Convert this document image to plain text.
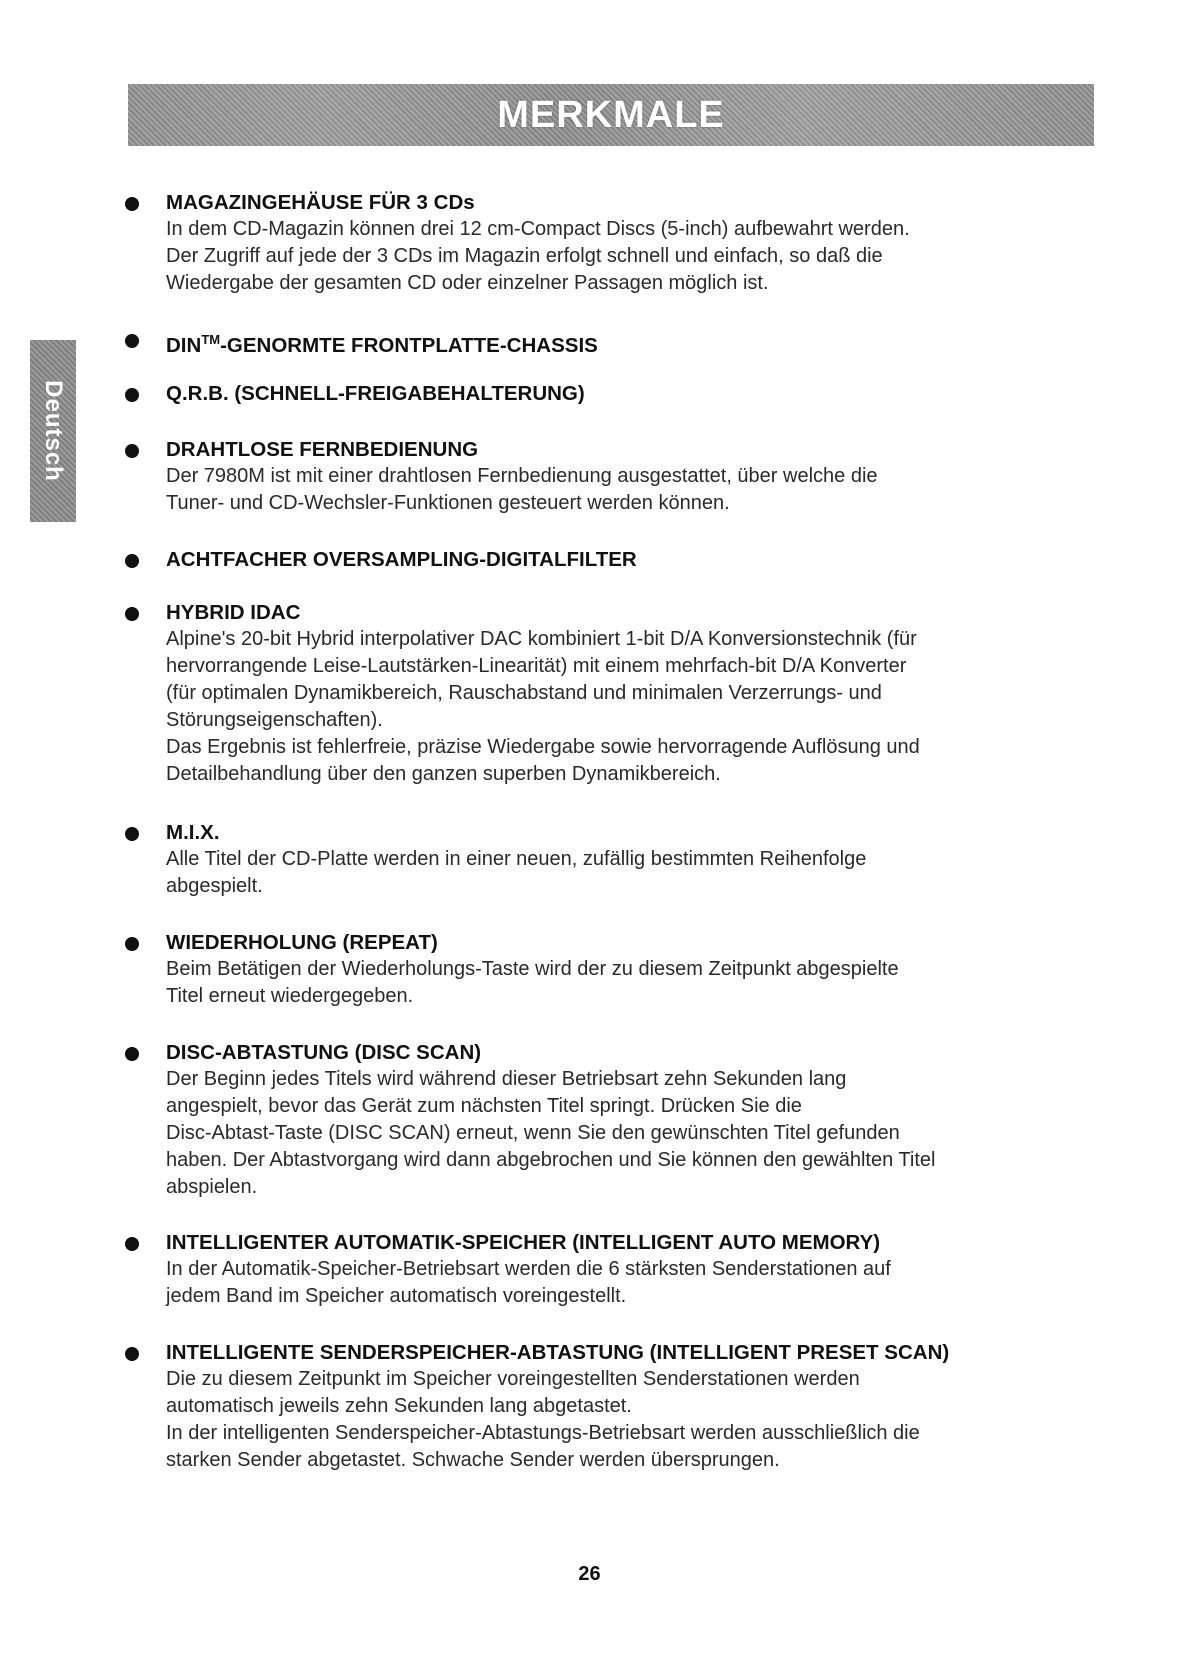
MERKMALE
Deutsch
MAGAZINGEHÄUSE FÜR 3 CDs
In dem CD-Magazin können drei 12 cm-Compact Discs (5-inch) aufbewahrt werden.
Der Zugriff auf jede der 3 CDs im Magazin erfolgt schnell und einfach, so daß die
Wiedergabe der gesamten CD oder einzelner Passagen möglich ist.
DIN™-GENORMTE FRONTPLATTE-CHASSIS
Q.R.B. (SCHNELL-FREIGABEHALTERUNG)
DRAHTLOSE FERNBEDIENUNG
Der 7980M ist mit einer drahtlosen Fernbedienung ausgestattet, über welche die
Tuner- und CD-Wechsler-Funktionen gesteuert werden können.
ACHTFACHER OVERSAMPLING-DIGITALFILTER
HYBRID IDAC
Alpine's 20-bit Hybrid interpolativer DAC kombiniert 1-bit D/A Konversionstechnik (für
hervorrangende Leise-Lautstärken-Linearität) mit einem mehrfach-bit D/A Konverter
(für optimalen Dynamikbereich, Rauschabstand und minimalen Verzerrungs- und
Störungseigenschaften).
Das Ergebnis ist fehlerfreie, präzise Wiedergabe sowie hervorragende Auflösung und
Detailbehandlung über den ganzen superben Dynamikbereich.
M.I.X.
Alle Titel der CD-Platte werden in einer neuen, zufällig bestimmten Reihenfolge
abgespielt.
WIEDERHOLUNG (REPEAT)
Beim Betätigen der Wiederholungs-Taste wird der zu diesem Zeitpunkt abgespielte
Titel erneut wiedergegeben.
DISC-ABTASTUNG (DISC SCAN)
Der Beginn jedes Titels wird während dieser Betriebsart zehn Sekunden lang
angespielt, bevor das Gerät zum nächsten Titel springt. Drücken Sie die
Disc-Abtast-Taste (DISC SCAN) erneut, wenn Sie den gewünschten Titel gefunden
haben. Der Abtastvorgang wird dann abgebrochen und Sie können den gewählten Titel
abspielen.
INTELLIGENTER AUTOMATIK-SPEICHER (INTELLIGENT AUTO MEMORY)
In der Automatik-Speicher-Betriebsart werden die 6 stärksten Senderstationen auf
jedem Band im Speicher automatisch voreingestellt.
INTELLIGENTE SENDERSPEICHER-ABTASTUNG (INTELLIGENT PRESET SCAN)
Die zu diesem Zeitpunkt im Speicher voreingestellten Senderstationen werden
automatisch jeweils zehn Sekunden lang abgetastet.
In der intelligenten Senderspeicher-Abtastungs-Betriebsart werden ausschließlich die
starken Sender abgetastet. Schwache Sender werden übersprungen.
26
